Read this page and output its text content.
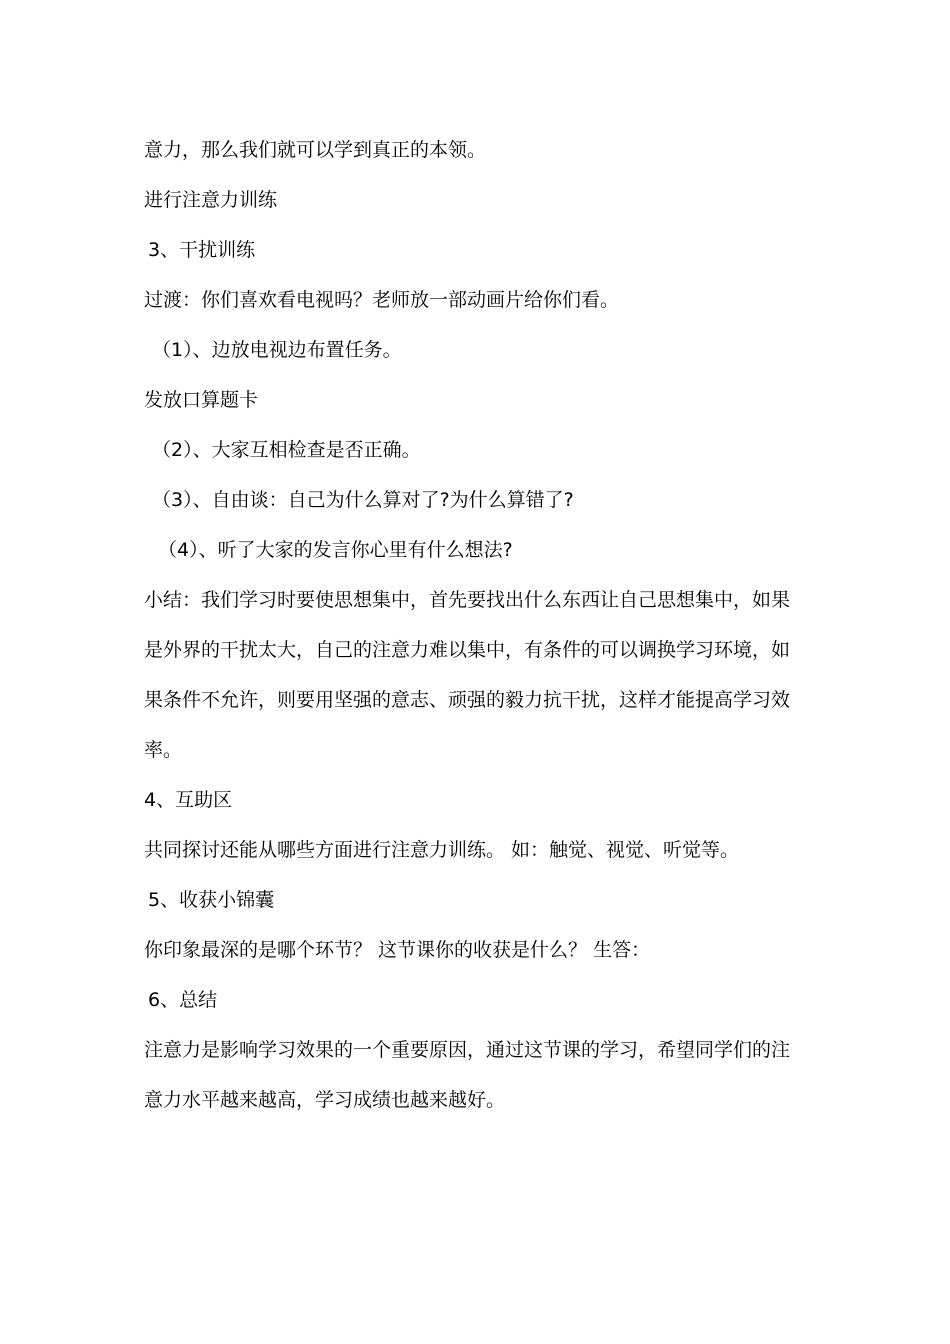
意力，那么我们就可以学到真正的本领。
进行注意力训练
3、干扰训练
过渡：你们喜欢看电视吗？老师放一部动画片给你们看。
（1）、边放电视边布置任务。
发放口算题卡
（2）、大家互相检查是否正确。
（3）、自由谈：自己为什么算对了?为什么算错了?
（4）、听了大家的发言你心里有什么想法?
小结：我们学习时要使思想集中，首先要找出什么东西让自己思想集中，如果
是外界的干扰太大，自己的注意力难以集中，有条件的可以调换学习环境，如
果条件不允许，则要用坚强的意志、顽强的毅力抗干扰，这样才能提高学习效
率。
4、互助区
共同探讨还能从哪些方面进行注意力训练。 如：触觉、视觉、听觉等。
5、收获小锦囊
你印象最深的是哪个环节？ 这节课你的收获是什么？ 生答：
6、总结
注意力是影响学习效果的一个重要原因，通过这节课的学习，希望同学们的注
意力水平越来越高，学习成绩也越来越好。
